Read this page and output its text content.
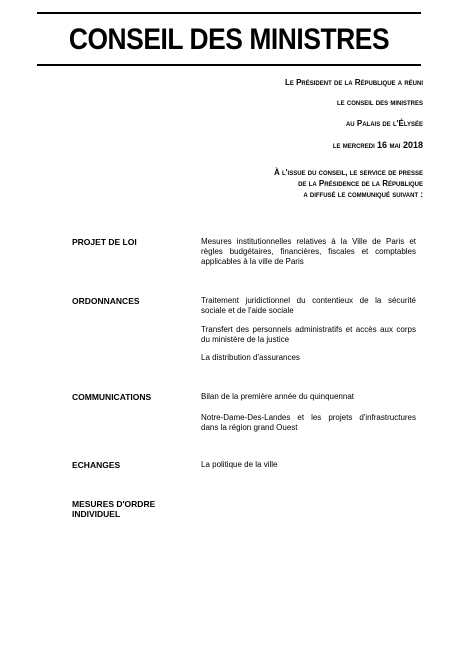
CONSEIL DES MINISTRES
Le Président de la République a réuni
le conseil des ministres
au Palais de l'Élysée
le mercredi 16 mai 2018
À l'issue du conseil, le service de presse
de la Présidence de la République
a diffusé le communiqué suivant :
PROJET DE LOI	Mesures institutionnelles relatives à la Ville de Paris et règles budgétaires, financières, fiscales et comptables applicables à la ville de Paris
ORDONNANCES	Traitement juridictionnel du contentieux de la sécurité sociale et de l'aide sociale
Transfert des personnels administratifs et accès aux corps du ministère de la justice
La distribution d'assurances
COMMUNICATIONS	Bilan de la première année du quinquennat
Notre-Dame-Des-Landes et les projets d'infrastructures dans la région grand Ouest
ECHANGES	La politique de la ville
MESURES D'ORDRE
INDIVIDUEL
